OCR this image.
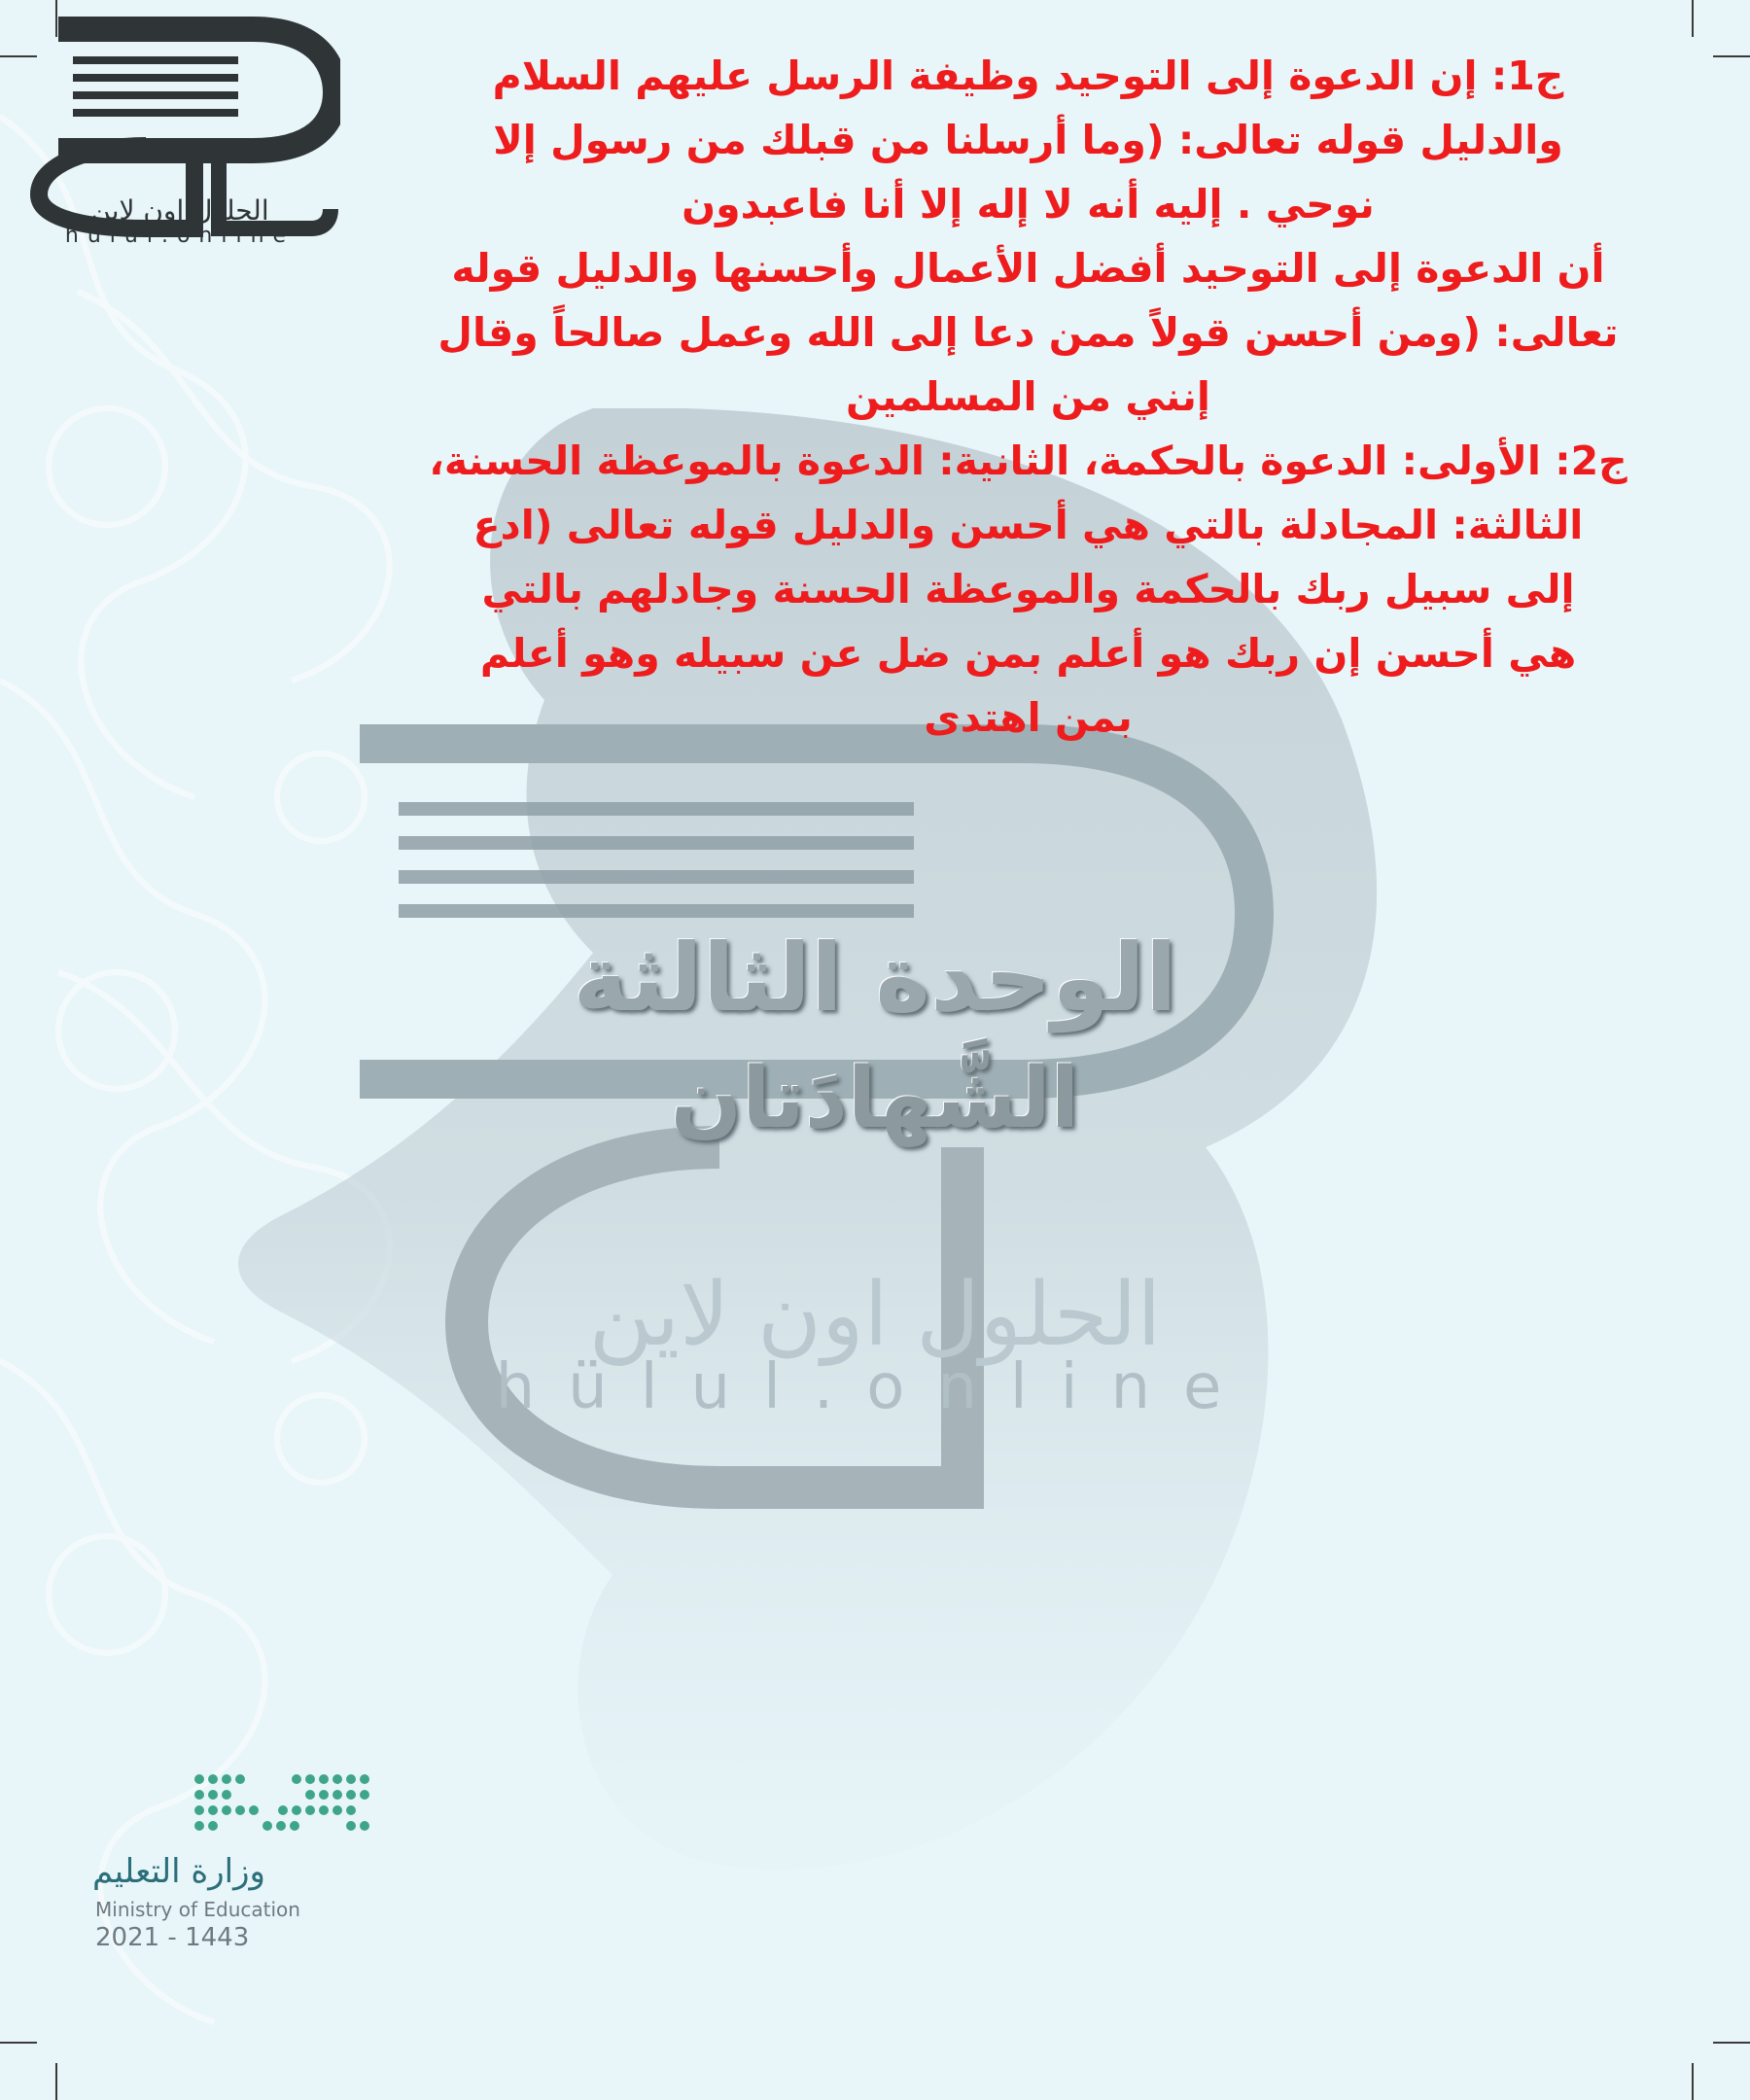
الوحدة الثالثة
الشَّهادَتان
الحلول اون لاين
hülul.online
الحلول اون لاين
hülul.online
ج1: إن الدعوة إلى التوحيد وظيفة الرسل عليهم السلام
والدليل قوله تعالى: (وما أرسلنا من قبلك من رسول إلا
نوحي . إليه أنه لا إله إلا أنا فاعبدون
أن الدعوة إلى التوحيد أفضل الأعمال وأحسنها والدليل قوله
تعالى: (ومن أحسن قولاً ممن دعا إلى الله وعمل صالحاً وقال
إنني من المسلمين
ج2: الأولى: الدعوة بالحكمة، الثانية: الدعوة بالموعظة الحسنة،
الثالثة: المجادلة بالتي هي أحسن والدليل قوله تعالى (ادع
إلى سبيل ربك بالحكمة والموعظة الحسنة وجادلهم بالتي
هي أحسن إن ربك هو أعلم بمن ضل عن سبيله وهو أعلم
بمن اهتدى
وزارة التعليم
Ministry of Education
2021 - 1443
